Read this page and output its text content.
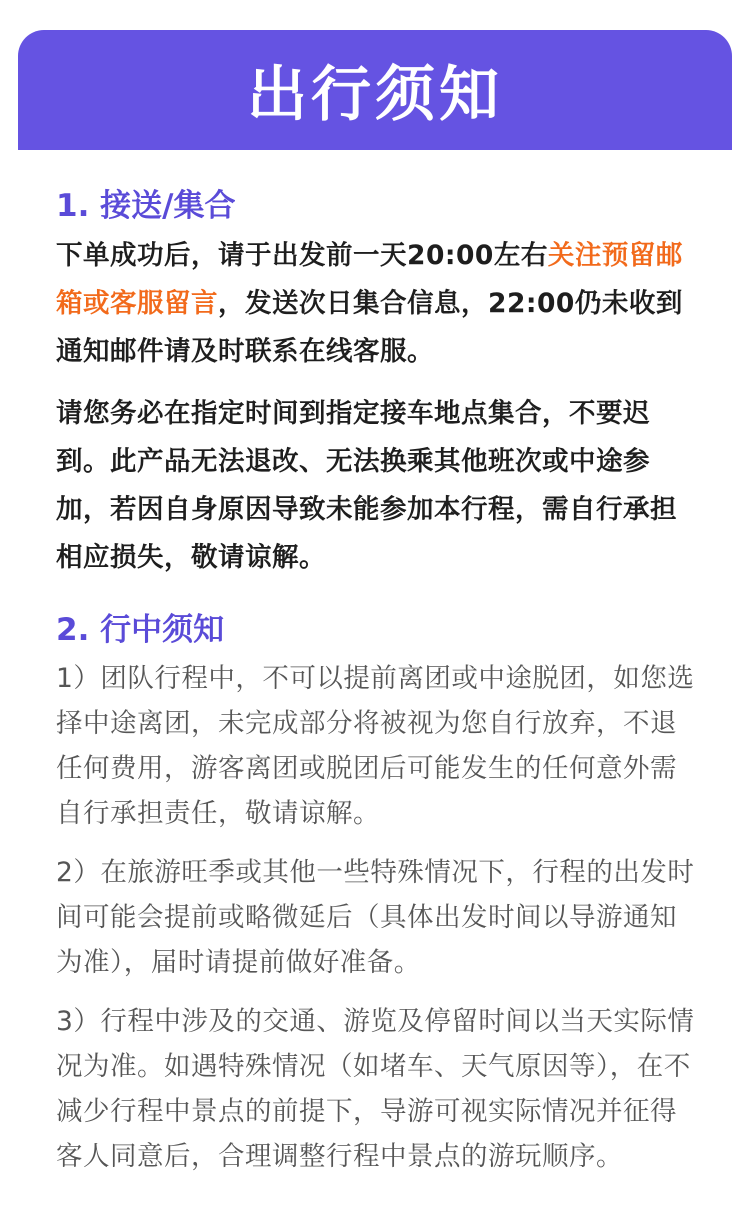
出行须知
1. 接送/集合

下单成功后，请于出发前一天20:00左右关注预留邮箱或客服留言，发送次日集合信息，22:00仍未收到通知邮件请及时联系在线客服。

请您务必在指定时间到指定接车地点集合，不要迟到。此产品无法退改、无法换乘其他班次或中途参加，若因自身原因导致未能参加本行程，需自行承担相应损失，敬请谅解。

2. 行中须知

1）团队行程中，不可以提前离团或中途脱团，如您选择中途离团，未完成部分将被视为您自行放弃，不退任何费用，游客离团或脱团后可能发生的任何意外需自行承担责任，敬请谅解。

2）在旅游旺季或其他一些特殊情况下，行程的出发时间可能会提前或略微延后（具体出发时间以导游通知为准），届时请提前做好准备。

3）行程中涉及的交通、游览及停留时间以当天实际情况为准。如遇特殊情况（如堵车、天气原因等），在不减少行程中景点的前提下，导游可视实际情况并征得客人同意后，合理调整行程中景点的游玩顺序。
